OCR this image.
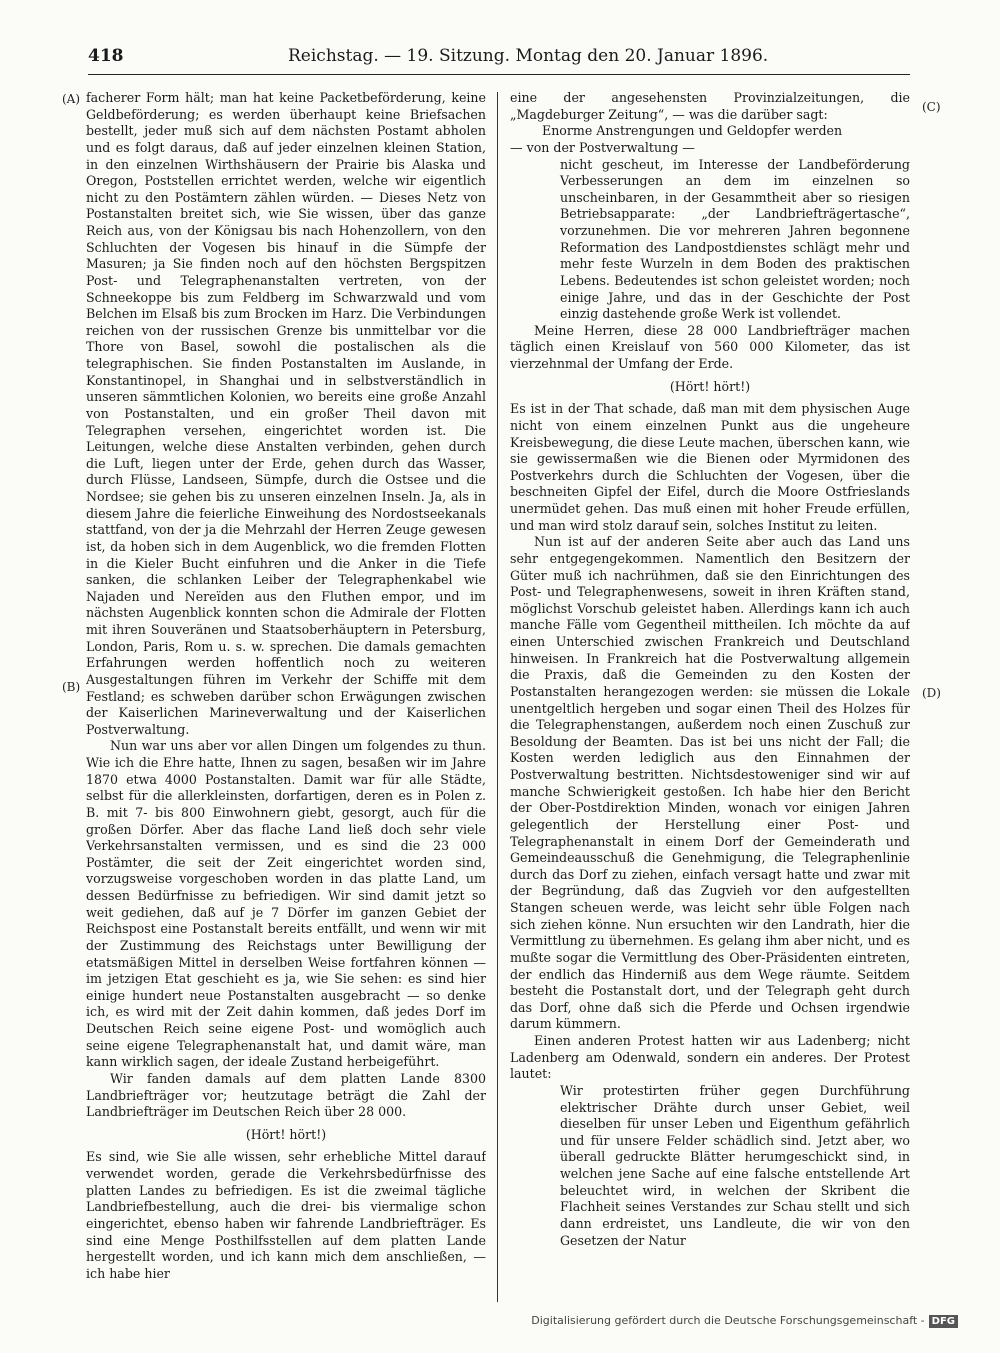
418	Reichstag. — 19. Sitzung. Montag den 20. Januar 1896.
(A)
(B)
(C)
(D)

facherer Form hält; man hat keine Packetbeförderung, keine Geldbeförderung; es werden überhaupt keine Briefsachen bestellt, jeder muß sich auf dem nächsten Postamt abholen und es folgt daraus, daß auf jeder einzelnen kleinen Station, in den einzelnen Wirthshäusern der Prairie bis Alaska und Oregon, Poststellen errichtet werden, welche wir eigentlich nicht zu den Postämtern zählen würden. — Dieses Netz von Postanstalten breitet sich, wie Sie wissen, über das ganze Reich aus, von der Königsau bis nach Hohenzollern, von den Schluchten der Vogesen bis hinauf in die Sümpfe der Masuren; ja Sie finden noch auf den höchsten Bergspitzen Post- und Telegraphenanstalten vertreten, von der Schneekoppe bis zum Feldberg im Schwarzwald und vom Belchen im Elsaß bis zum Brocken im Harz. Die Verbindungen reichen von der russischen Grenze bis unmittelbar vor die Thore von Basel, sowohl die postalischen als die telegraphischen. Sie finden Postanstalten im Auslande, in Konstantinopel, in Shanghai und in selbstverständlich in unseren sämmtlichen Kolonien, wo bereits eine große Anzahl von Postanstalten, und ein großer Theil davon mit Telegraphen versehen, eingerichtet worden ist. Die Leitungen, welche diese Anstalten verbinden, gehen durch die Luft, liegen unter der Erde, gehen durch das Wasser, durch Flüsse, Landseen, Sümpfe, durch die Ostsee und die Nordsee; sie gehen bis zu unseren einzelnen Inseln. Ja, als in diesem Jahre die feierliche Einweihung des Nordostseekanals stattfand, von der ja die Mehrzahl der Herren Zeuge gewesen ist, da hoben sich in dem Augenblick, wo die fremden Flotten in die Kieler Bucht einfuhren und die Anker in die Tiefe sanken, die schlanken Leiber der Telegraphenkabel wie Najaden und Nereïden aus den Fluthen empor, und im nächsten Augenblick konnten schon die Admirale der Flotten mit ihren Souveränen und Staatsoberhäuptern in Petersburg, London, Paris, Rom u. s. w. sprechen. Die damals gemachten Erfahrungen werden hoffentlich noch zu weiteren Ausgestaltungen führen im Verkehr der Schiffe mit dem Festland; es schweben darüber schon Erwägungen zwischen der Kaiserlichen Marineverwaltung und der Kaiserlichen Postverwaltung.

Nun war uns aber vor allen Dingen um folgendes zu thun. Wie ich die Ehre hatte, Ihnen zu sagen, besaßen wir im Jahre 1870 etwa 4000 Postanstalten. Damit war für alle Städte, selbst für die allerkleinsten, dorfartigen, deren es in Polen z. B. mit 7- bis 800 Einwohnern giebt, gesorgt, auch für die großen Dörfer. Aber das flache Land ließ doch sehr viele Verkehrsanstalten vermissen, und es sind die 23 000 Postämter, die seit der Zeit eingerichtet worden sind, vorzugsweise vorgeschoben worden in das platte Land, um dessen Bedürfnisse zu befriedigen. Wir sind damit jetzt so weit gediehen, daß auf je 7 Dörfer im ganzen Gebiet der Reichspost eine Postanstalt bereits entfällt, und wenn wir mit der Zustimmung des Reichstags unter Bewilligung der etatsmäßigen Mittel in derselben Weise fortfahren können — im jetzigen Etat geschieht es ja, wie Sie sehen: es sind hier einige hundert neue Postanstalten ausgebracht — so denke ich, es wird mit der Zeit dahin kommen, daß jedes Dorf im Deutschen Reich seine eigene Post- und womöglich auch seine eigene Telegraphenanstalt hat, und damit wäre, man kann wirklich sagen, der ideale Zustand herbeigeführt.

Wir fanden damals auf dem platten Lande 8300 Landbriefträger vor; heutzutage beträgt die Zahl der Landbriefträger im Deutschen Reich über 28 000.

(Hört! hört!)

Es sind, wie Sie alle wissen, sehr erhebliche Mittel darauf verwendet worden, gerade die Verkehrsbedürfnisse des platten Landes zu befriedigen. Es ist die zweimal tägliche Landbriefbestellung, auch die drei- bis viermalige schon eingerichtet, ebenso haben wir fahrende Landbriefträger. Es sind eine Menge Posthilfsstellen auf dem platten Lande hergestellt worden, und ich kann mich dem anschließen, — ich habe hier

eine der angesehensten Provinzialzeitungen, die „Magdeburger Zeitung“, — was die darüber sagt:

Enorme Anstrengungen und Geldopfer werden

— von der Postverwaltung —

nicht gescheut, im Interesse der Landbeförderung Verbesserungen an dem im einzelnen so unscheinbaren, in der Gesammtheit aber so riesigen Betriebsapparate: „der Landbriefträgertasche“, vorzunehmen. Die vor mehreren Jahren begonnene Reformation des Landpostdienstes schlägt mehr und mehr feste Wurzeln in dem Boden des praktischen Lebens. Bedeutendes ist schon geleistet worden; noch einige Jahre, und das in der Geschichte der Post einzig dastehende große Werk ist vollendet.

Meine Herren, diese 28 000 Landbriefträger machen täglich einen Kreislauf von 560 000 Kilometer, das ist vierzehnmal der Umfang der Erde.

(Hört! hört!)

Es ist in der That schade, daß man mit dem physischen Auge nicht von einem einzelnen Punkt aus die ungeheure Kreisbewegung, die diese Leute machen, überschen kann, wie sie gewissermaßen wie die Bienen oder Myrmidonen des Postverkehrs durch die Schluchten der Vogesen, über die beschneiten Gipfel der Eifel, durch die Moore Ostfrieslands unermüdet gehen. Das muß einen mit hoher Freude erfüllen, und man wird stolz darauf sein, solches Institut zu leiten.

Nun ist auf der anderen Seite aber auch das Land uns sehr entgegengekommen. Namentlich den Besitzern der Güter muß ich nachrühmen, daß sie den Einrichtungen des Post- und Telegraphenwesens, soweit in ihren Kräften stand, möglichst Vorschub geleistet haben. Allerdings kann ich auch manche Fälle vom Gegentheil mittheilen. Ich möchte da auf einen Unterschied zwischen Frankreich und Deutschland hinweisen. In Frankreich hat die Postverwaltung allgemein die Praxis, daß die Gemeinden zu den Kosten der Postanstalten herangezogen werden: sie müssen die Lokale unentgeltlich hergeben und sogar einen Theil des Holzes für die Telegraphenstangen, außerdem noch einen Zuschuß zur Besoldung der Beamten. Das ist bei uns nicht der Fall; die Kosten werden lediglich aus den Einnahmen der Postverwaltung bestritten. Nichtsdestoweniger sind wir auf manche Schwierigkeit gestoßen. Ich habe hier den Bericht der Ober-Postdirektion Minden, wonach vor einigen Jahren gelegentlich der Herstellung einer Post- und Telegraphenanstalt in einem Dorf der Gemeinderath und Gemeindeausschuß die Genehmigung, die Telegraphenlinie durch das Dorf zu ziehen, einfach versagt hatte und zwar mit der Begründung, daß das Zugvieh vor den aufgestellten Stangen scheuen werde, was leicht sehr üble Folgen nach sich ziehen könne. Nun ersuchten wir den Landrath, hier die Vermittlung zu übernehmen. Es gelang ihm aber nicht, und es mußte sogar die Vermittlung des Ober-Präsidenten eintreten, der endlich das Hinderniß aus dem Wege räumte. Seitdem besteht die Postanstalt dort, und der Telegraph geht durch das Dorf, ohne daß sich die Pferde und Ochsen irgendwie darum kümmern.

Einen anderen Protest hatten wir aus Ladenberg; nicht Ladenberg am Odenwald, sondern ein anderes. Der Protest lautet:

Wir protestirten früher gegen Durchführung elektrischer Drähte durch unser Gebiet, weil dieselben für unser Leben und Eigenthum gefährlich und für unsere Felder schädlich sind. Jetzt aber, wo überall gedruckte Blätter herumgeschickt sind, in welchen jene Sache auf eine falsche entstellende Art beleuchtet wird, in welchen der Skribent die Flachheit seines Verstandes zur Schau stellt und sich dann erdreistet, uns Landleute, die wir von den Gesetzen der Natur

Digitalisierung gefördert durch die Deutsche Forschungsgemeinschaft - DFG
